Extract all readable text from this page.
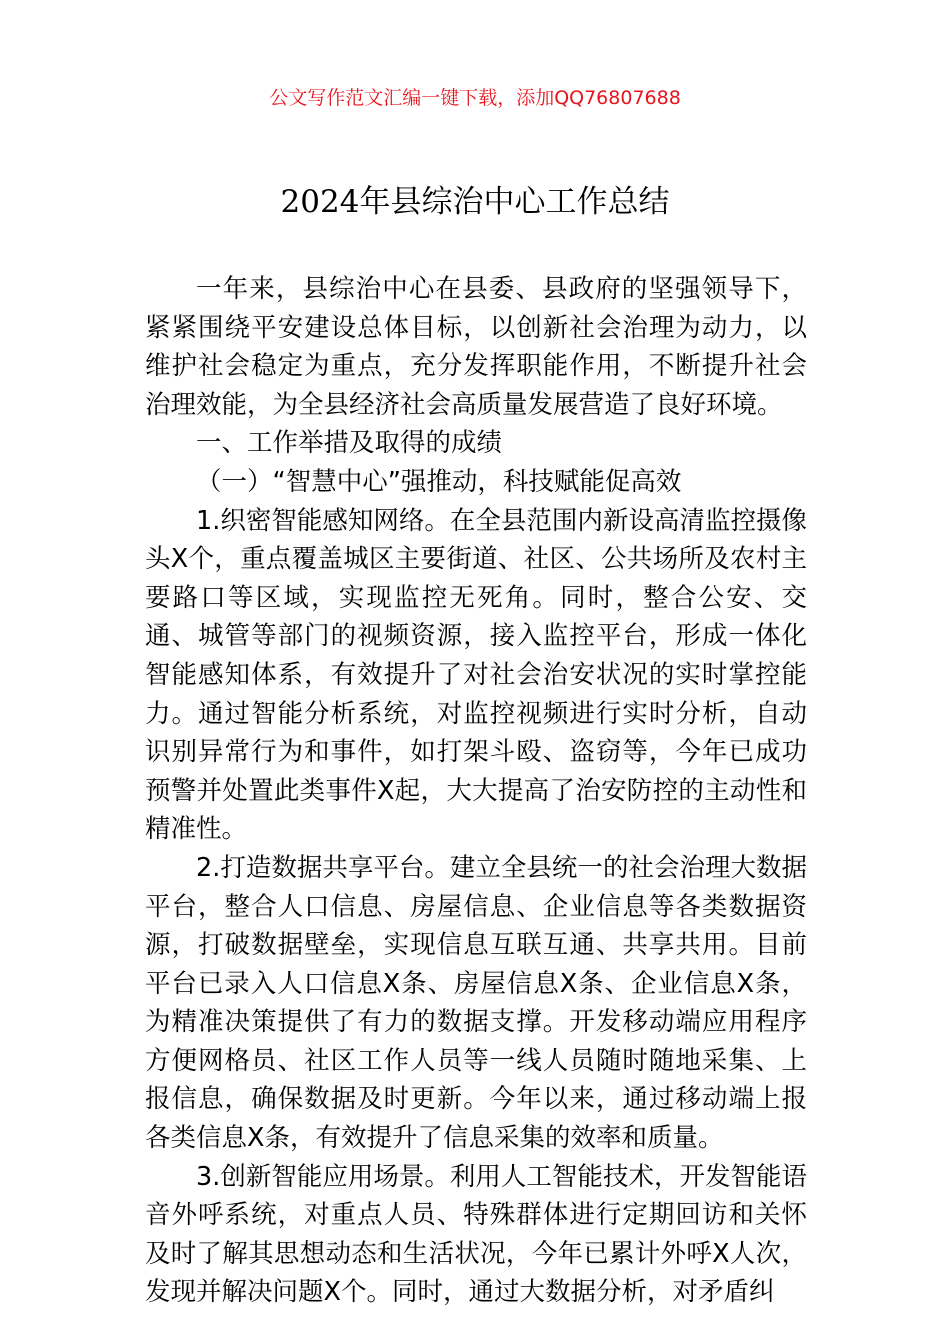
公文写作范文汇编一键下载，添加QQ76807688
2024年县综治中心工作总结

一年来，县综治中心在县委、县政府的坚强领导下，紧紧围绕平安建设总体目标，以创新社会治理为动力，以维护社会稳定为重点，充分发挥职能作用，不断提升社会治理效能，为全县经济社会高质量发展营造了良好环境。

一、工作举措及取得的成绩

（一）“智慧中心”强推动，科技赋能促高效

1.织密智能感知网络。在全县范围内新设高清监控摄像头X个，重点覆盖城区主要街道、社区、公共场所及农村主要路口等区域，实现监控无死角。同时，整合公安、交通、城管等部门的视频资源，接入监控平台，形成一体化智能感知体系，有效提升了对社会治安状况的实时掌控能力。通过智能分析系统，对监控视频进行实时分析，自动识别异常行为和事件，如打架斗殴、盗窃等，今年已成功预警并处置此类事件X起，大大提高了治安防控的主动性和精准性。

2.打造数据共享平台。建立全县统一的社会治理大数据平台，整合人口信息、房屋信息、企业信息等各类数据资源，打破数据壁垒，实现信息互联互通、共享共用。目前平台已录入人口信息X条、房屋信息X条、企业信息X条，为精准决策提供了有力的数据支撑。开发移动端应用程序方便网格员、社区工作人员等一线人员随时随地采集、上报信息，确保数据及时更新。今年以来，通过移动端上报各类信息X条，有效提升了信息采集的效率和质量。

3.创新智能应用场景。利用人工智能技术，开发智能语音外呼系统，对重点人员、特殊群体进行定期回访和关怀及时了解其思想动态和生活状况，今年已累计外呼X人次，发现并解决问题X个。同时，通过大数据分析，对矛盾纠
